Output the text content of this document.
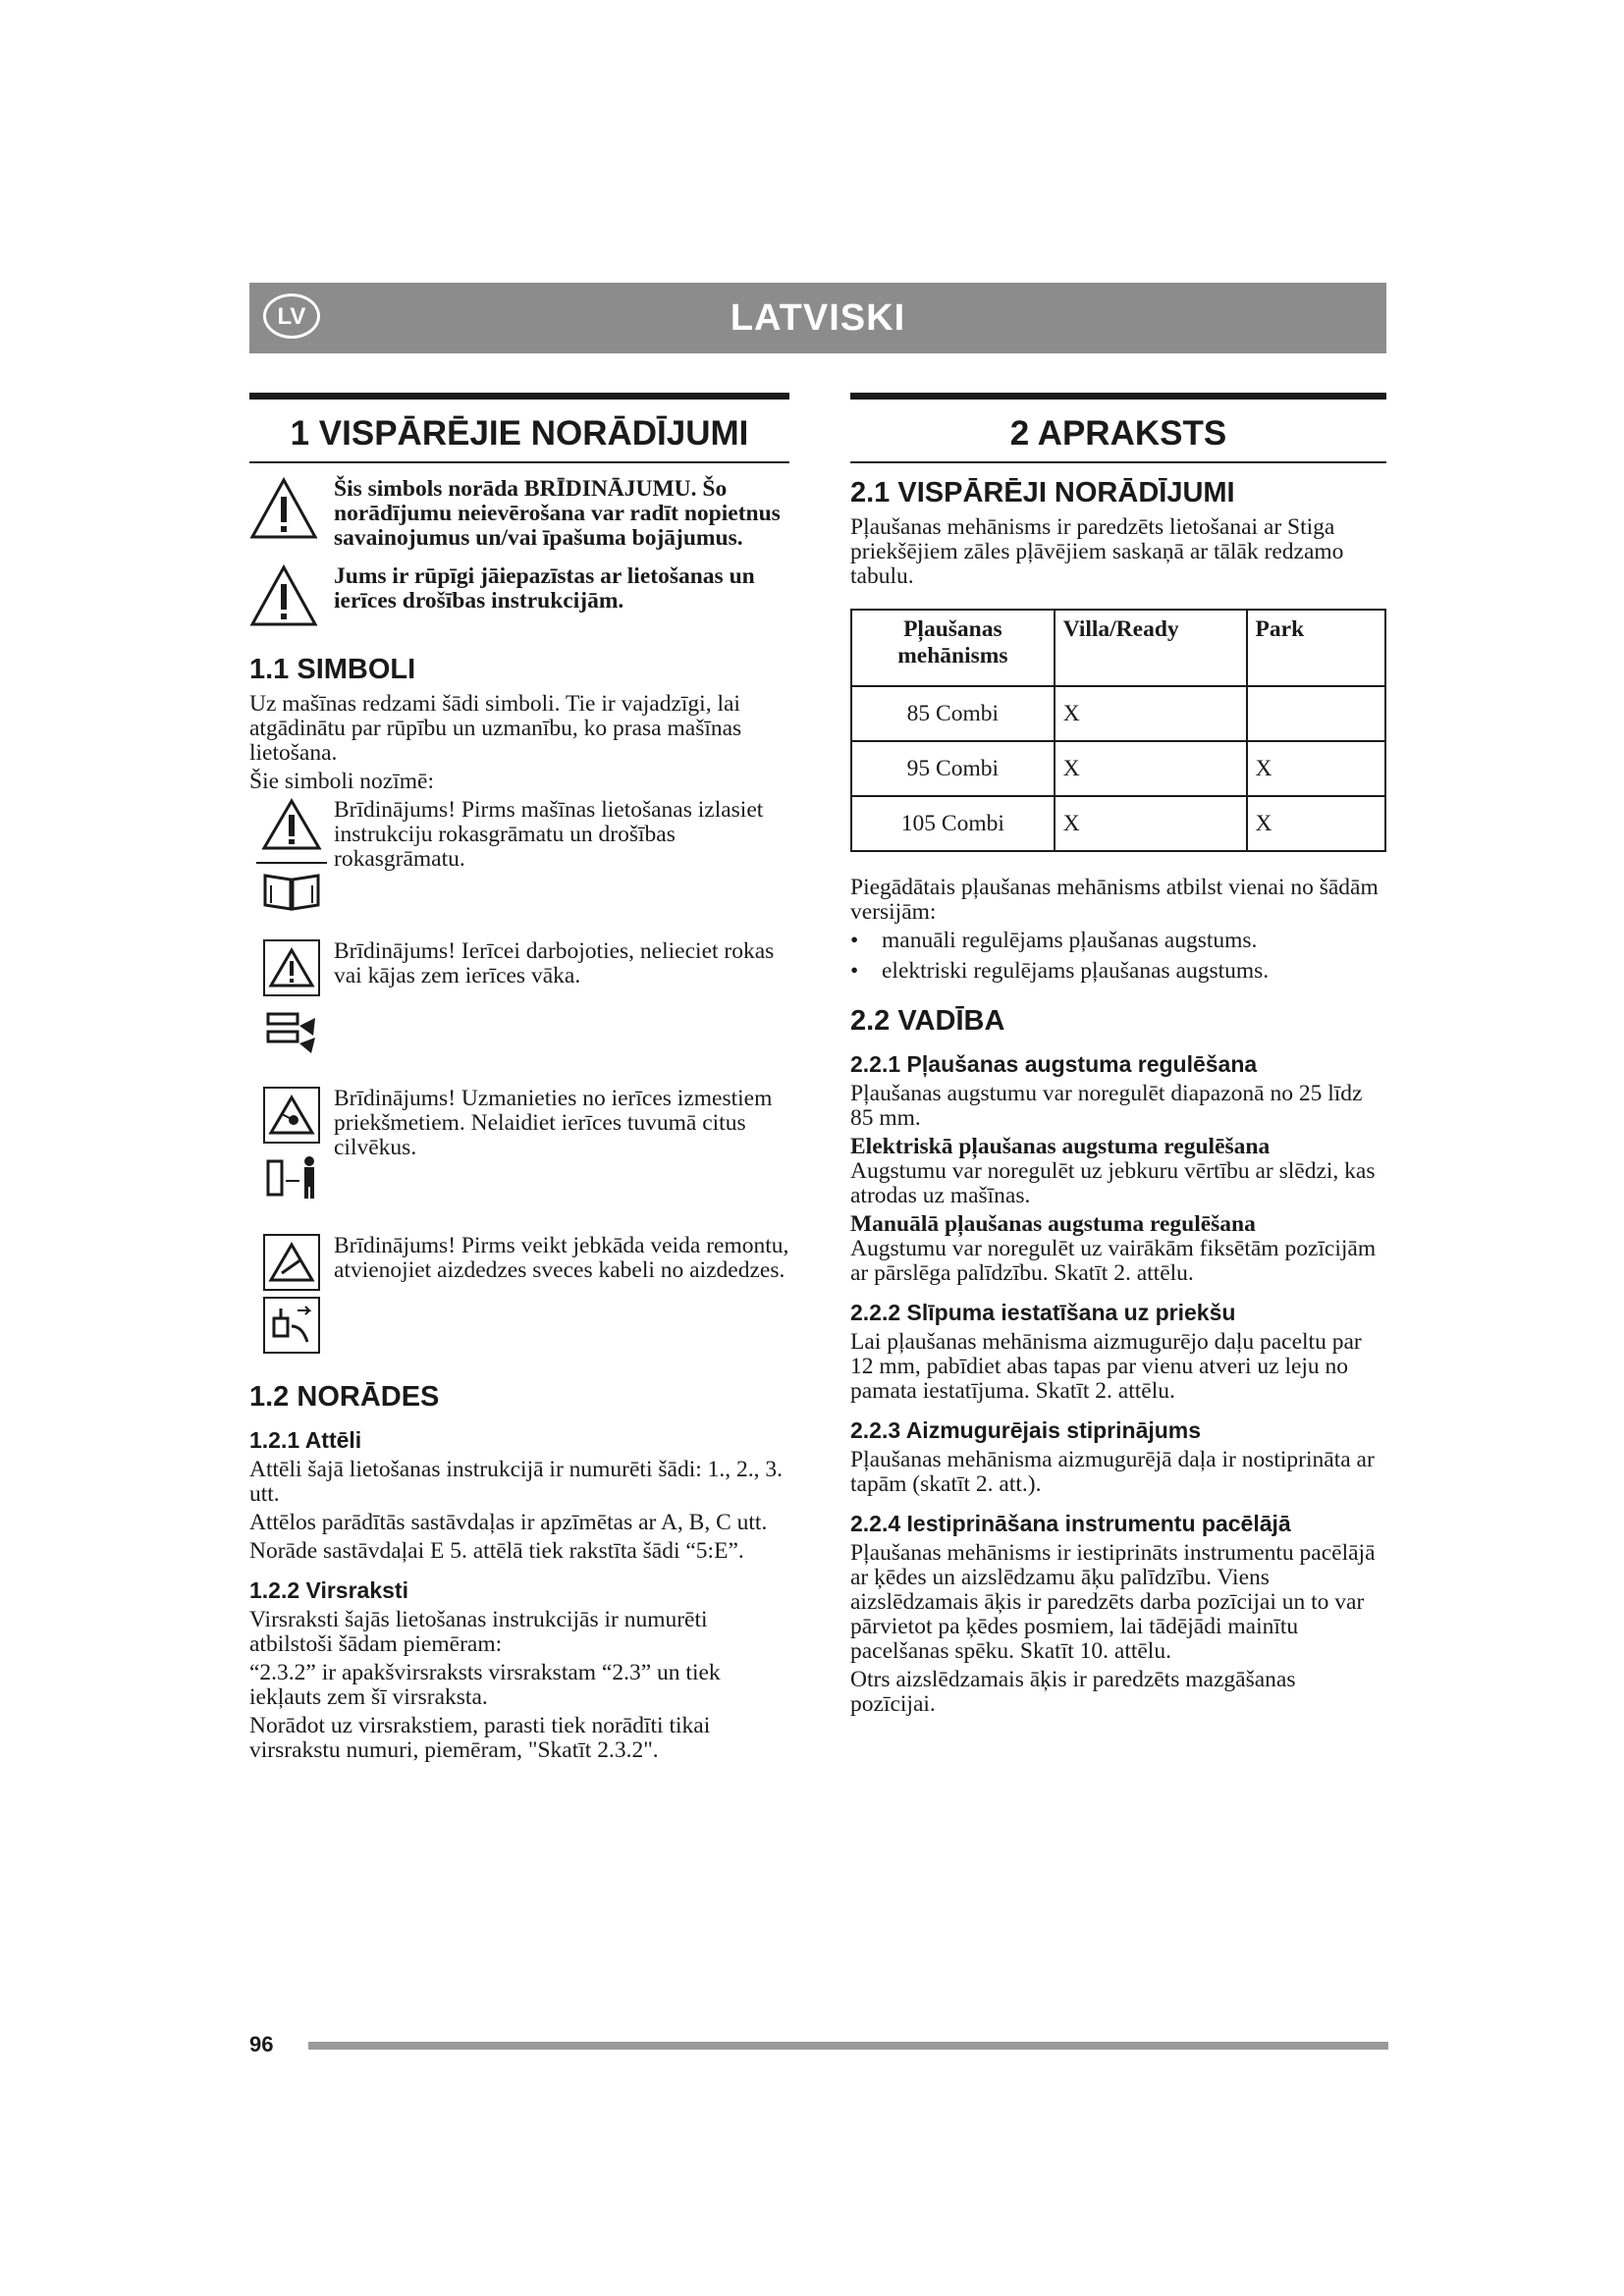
LV	LATVISKI
1 VISPĀRĒJIE NORĀDĪJUMI
Šis simbols norāda BRĪDINĀJUMU. Šo norādījumu neievērošana var radīt nopietnus savainojumus un/vai īpašuma bojājumus.
Jums ir rūpīgi jāiepazīstas ar lietošanas un ierīces drošības instrukcijām.
1.1 SIMBOLI

Uz mašīnas redzami šādi simboli. Tie ir vajadzīgi, lai atgādinātu par rūpību un uzmanību, ko prasa mašīnas lietošana.

Šie simboli nozīmē:

Brīdinājums! Pirms mašīnas lietošanas izlasiet instrukciju rokasgrāmatu un drošības rokasgrāmatu.
Brīdinājums! Ierīcei darbojoties, nelieciet rokas vai kājas zem ierīces vāka.
Brīdinājums! Uzmanieties no ierīces izmestiem priekšmetiem. Nelaidiet ierīces tuvumā citus cilvēkus.
Brīdinājums! Pirms veikt jebkāda veida remontu, atvienojiet aizdedzes sveces kabeli no aizdedzes.
1.2 NORĀDES
1.2.1 Attēli

Attēli šajā lietošanas instrukcijā ir numurēti šādi: 1., 2., 3. utt.

Attēlos parādītās sastāvdaļas ir apzīmētas ar A, B, C utt.

Norāde sastāvdaļai E 5. attēlā tiek rakstīta šādi “5:E”.

1.2.2 Virsraksti

Virsraksti šajās lietošanas instrukcijās ir numurēti atbilstoši šādam piemēram:

“2.3.2” ir apakšvirsraksts virsrakstam “2.3” un tiek iekļauts zem šī virsraksta.

Norādot uz virsrakstiem, parasti tiek norādīti tikai virsrakstu numuri, piemēram, "Skatīt 2.3.2".

2 APRAKSTS
2.1 VISPĀRĒJI NORĀDĪJUMI

Pļaušanas mehānisms ir paredzēts lietošanai ar Stiga priekšējiem zāles pļāvējiem saskaņā ar tālāk redzamo tabulu.

Pļaušanas mehānisms	Villa/Ready	Park
85 Combi	X	
95 Combi	X	X
105 Combi	X	X

Piegādātais pļaušanas mehānisms atbilst vienai no šādām versijām:

•	manuāli regulējams pļaušanas augstums.
•	elektriski regulējams pļaušanas augstums.
2.2 VADĪBA
2.2.1 Pļaušanas augstuma regulēšana

Pļaušanas augstumu var noregulēt diapazonā no 25 līdz 85 mm.

Elektriskā pļaušanas augstuma regulēšana

Augstumu var noregulēt uz jebkuru vērtību ar slēdzi, kas atrodas uz mašīnas.

Manuālā pļaušanas augstuma regulēšana

Augstumu var noregulēt uz vairākām fiksētām pozīcijām ar pārslēga palīdzību. Skatīt 2. attēlu.

2.2.2 Slīpuma iestatīšana uz priekšu

Lai pļaušanas mehānisma aizmugurējo daļu paceltu par 12 mm, pabīdiet abas tapas par vienu atveri uz leju no pamata iestatījuma. Skatīt 2. attēlu.

2.2.3 Aizmugurējais stiprinājums

Pļaušanas mehānisma aizmugurējā daļa ir nostiprināta ar tapām (skatīt 2. att.).

2.2.4 Iestiprināšana instrumentu pacēlājā

Pļaušanas mehānisms ir iestiprināts instrumentu pacēlājā ar ķēdes un aizslēdzamu āķu palīdzību. Viens aizslēdzamais āķis ir paredzēts darba pozīcijai un to var pārvietot pa ķēdes posmiem, lai tādējādi mainītu pacelšanas spēku. Skatīt 10. attēlu.

Otrs aizslēdzamais āķis ir paredzēts mazgāšanas pozīcijai.

96
